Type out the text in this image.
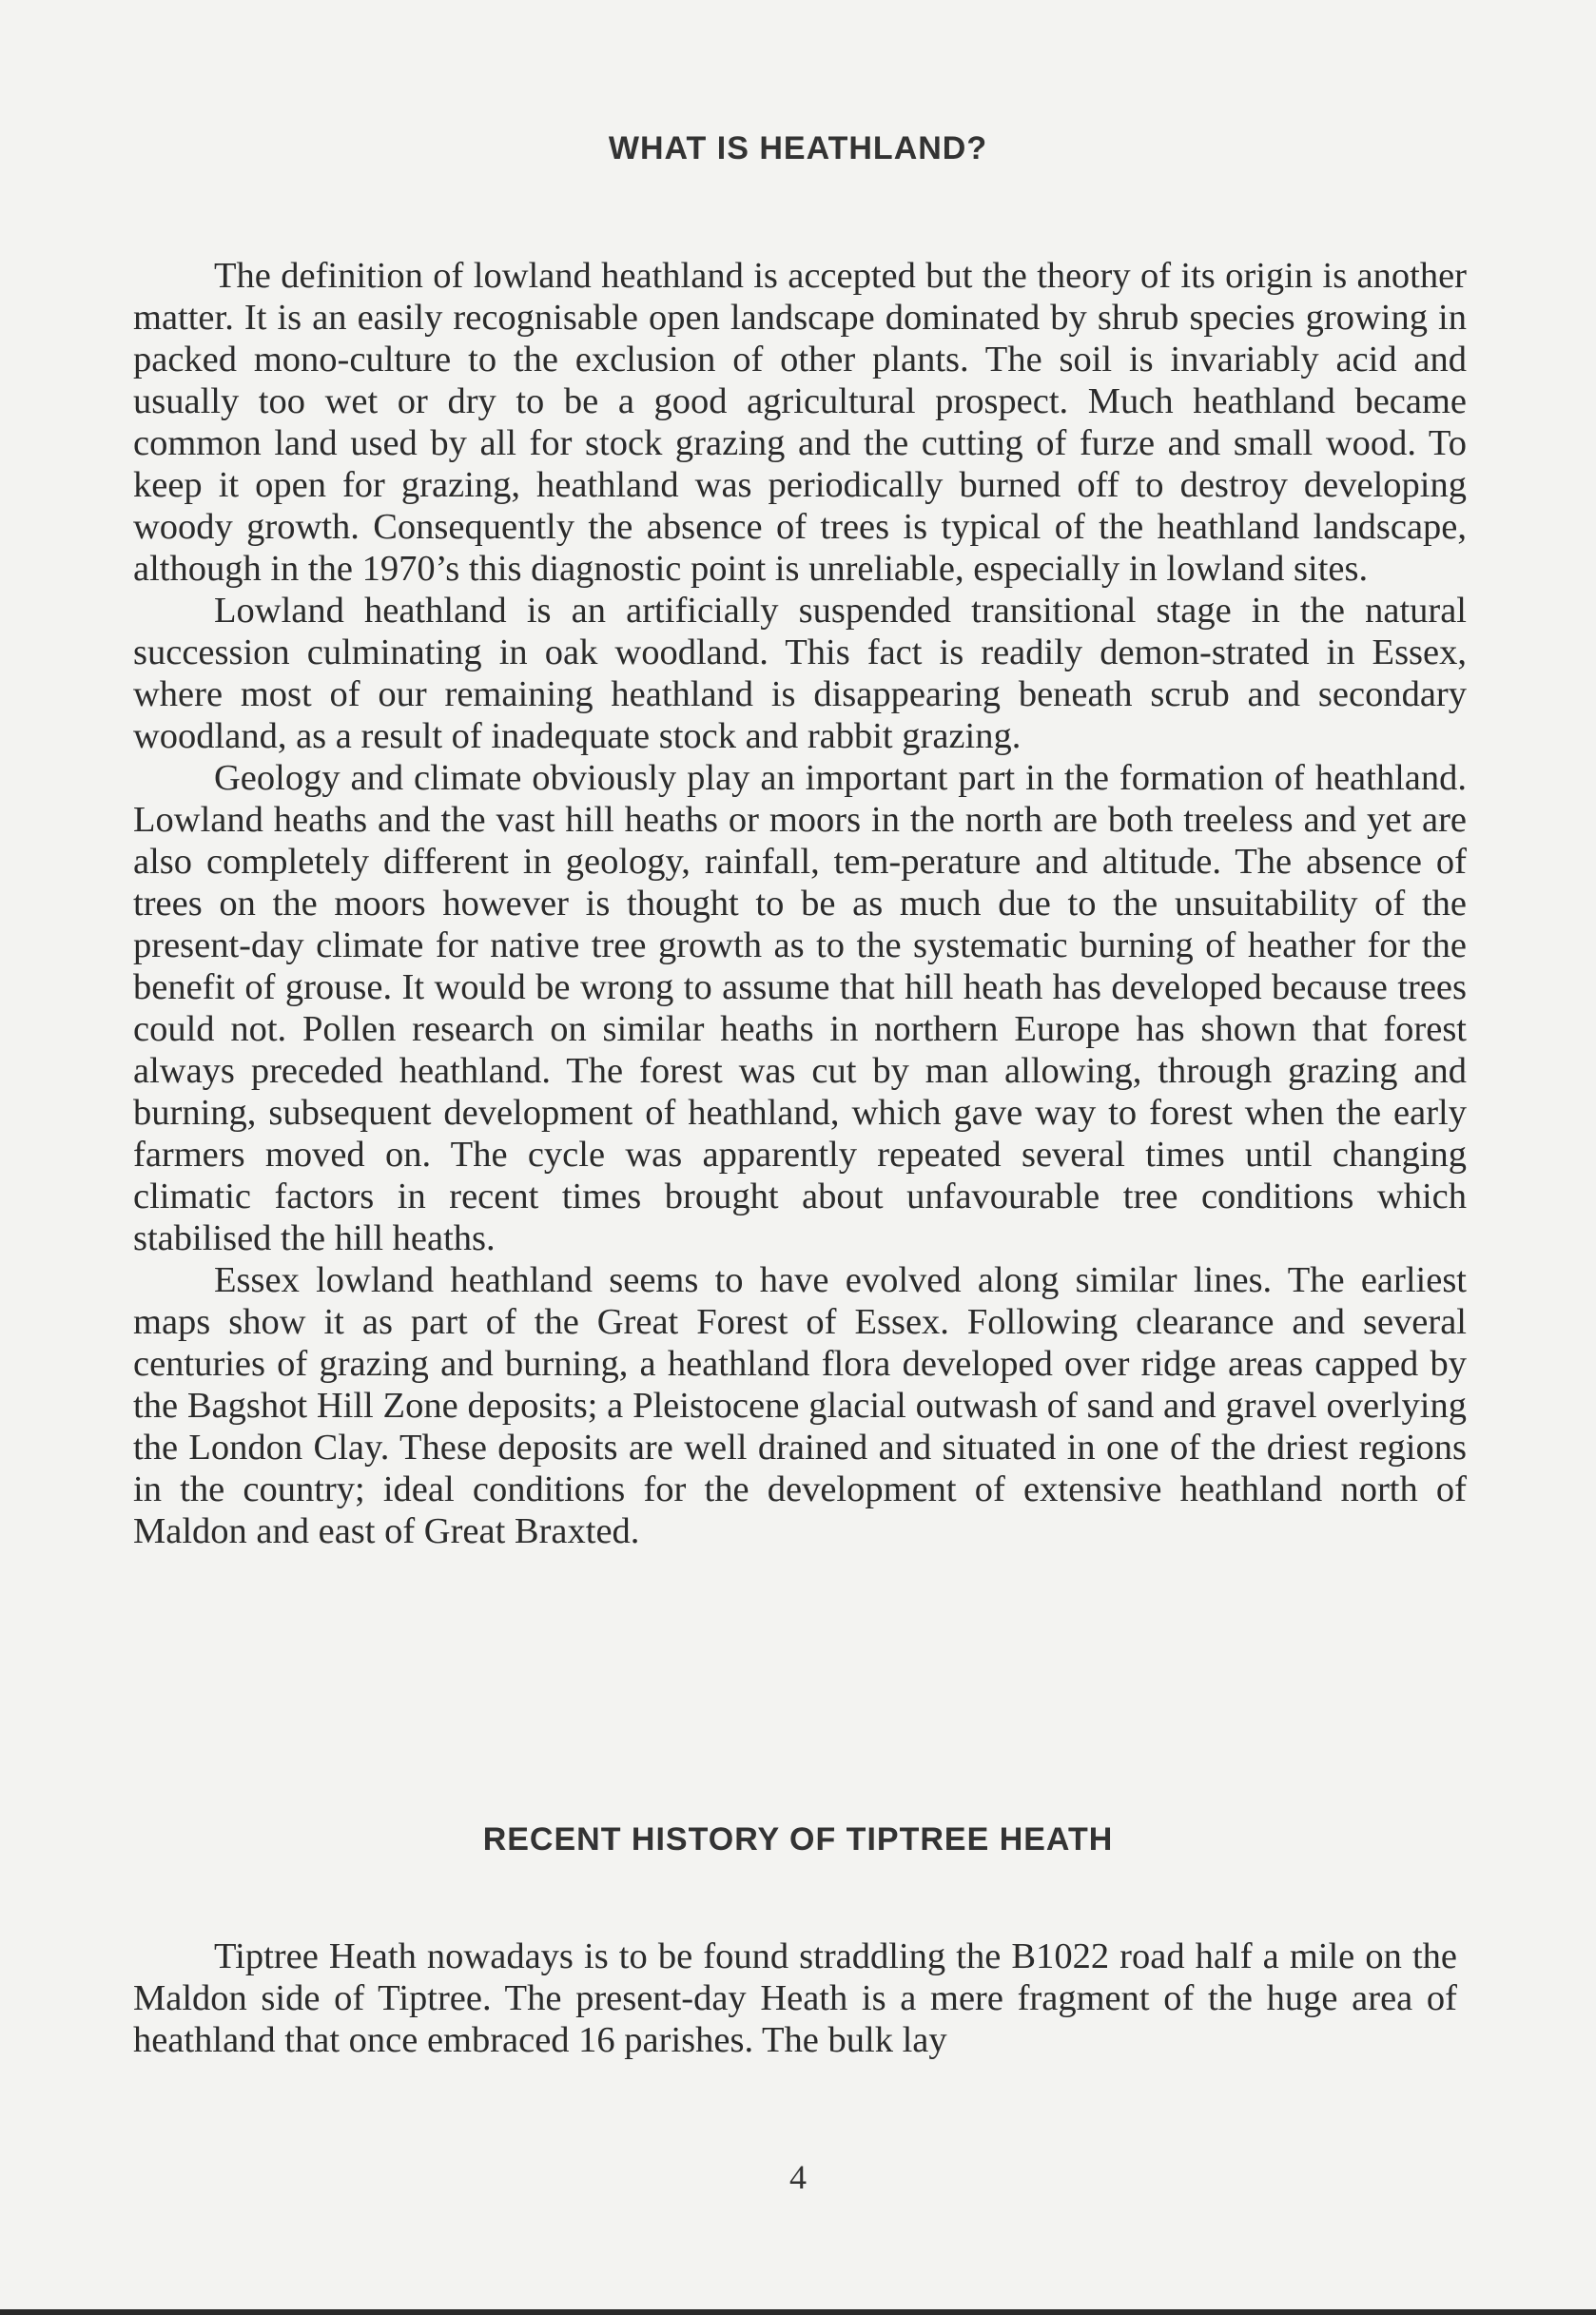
WHAT IS HEATHLAND?

The definition of lowland heathland is accepted but the theory of its origin is another matter. It is an easily recognisable open landscape dominated by shrub species growing in packed mono-culture to the exclusion of other plants. The soil is invariably acid and usually too wet or dry to be a good agricultural prospect. Much heathland became common land used by all for stock grazing and the cutting of furze and small wood. To keep it open for grazing, heathland was periodically burned off to destroy developing woody growth. Consequently the absence of trees is typical of the heathland landscape, although in the 1970’s this diagnostic point is unreliable, especially in lowland sites.

Lowland heathland is an artificially suspended transitional stage in the natural succession culminating in oak woodland. This fact is readily demon-strated in Essex, where most of our remaining heathland is disappearing beneath scrub and secondary woodland, as a result of inadequate stock and rabbit grazing.

Geology and climate obviously play an important part in the formation of heathland. Lowland heaths and the vast hill heaths or moors in the north are both treeless and yet are also completely different in geology, rainfall, tem-perature and altitude. The absence of trees on the moors however is thought to be as much due to the unsuitability of the present-day climate for native tree growth as to the systematic burning of heather for the benefit of grouse. It would be wrong to assume that hill heath has developed because trees could not. Pollen research on similar heaths in northern Europe has shown that forest always preceded heathland. The forest was cut by man allowing, through grazing and burning, subsequent development of heathland, which gave way to forest when the early farmers moved on. The cycle was apparently repeated several times until changing climatic factors in recent times brought about unfavourable tree conditions which stabilised the hill heaths.

Essex lowland heathland seems to have evolved along similar lines. The earliest maps show it as part of the Great Forest of Essex. Following clearance and several centuries of grazing and burning, a heathland flora developed over ridge areas capped by the Bagshot Hill Zone deposits; a Pleistocene glacial outwash of sand and gravel overlying the London Clay. These deposits are well drained and situated in one of the driest regions in the country; ideal conditions for the development of extensive heathland north of Maldon and east of Great Braxted.

RECENT HISTORY OF TIPTREE HEATH

Tiptree Heath nowadays is to be found straddling the B1022 road half a mile on the Maldon side of Tiptree. The present-day Heath is a mere fragment of the huge area of heathland that once embraced 16 parishes. The bulk lay

4
